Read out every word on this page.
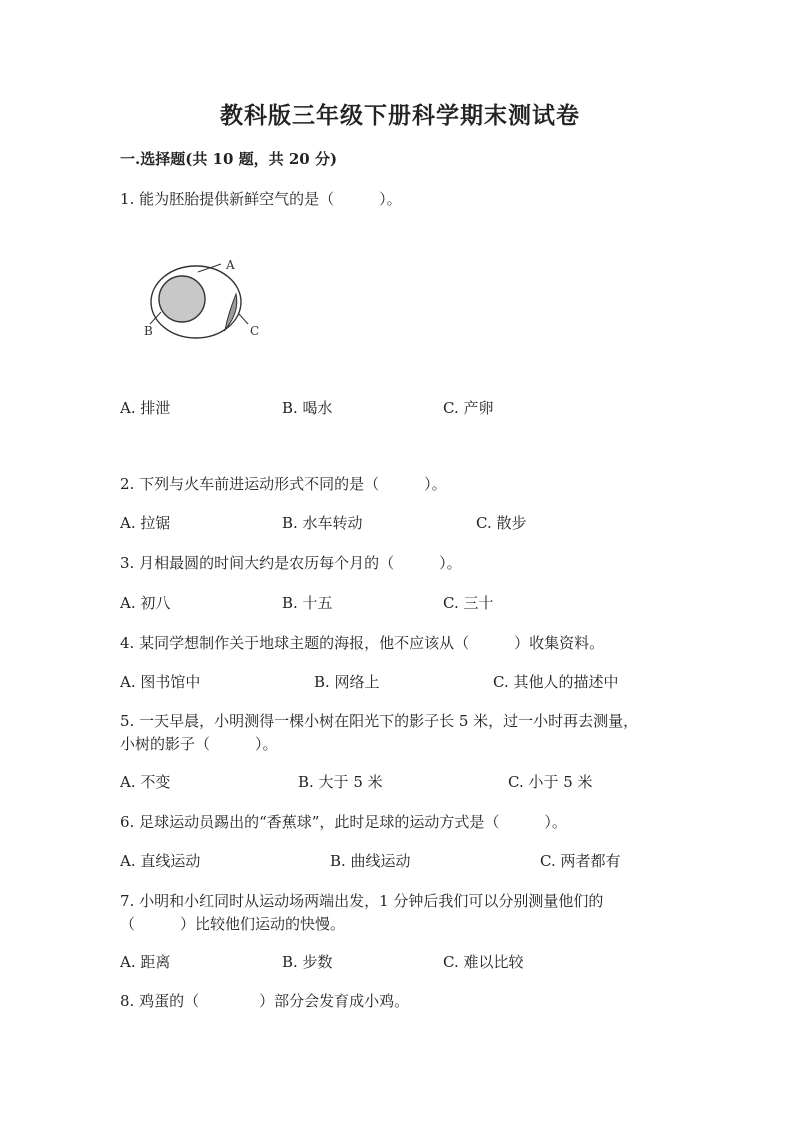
教科版三年级下册科学期末测试卷
一.选择题(共 10 题，共 20 分)
1. 能为胚胎提供新鲜空气的是（　　　）。
A
B	C
A. 排泄	B. 喝水	C. 产卵
2. 下列与火车前进运动形式不同的是（　　　）。
A. 拉锯	B. 水车转动	C. 散步
3. 月相最圆的时间大约是农历每个月的（　　　）。
A. 初八	B. 十五	C. 三十
4. 某同学想制作关于地球主题的海报，他不应该从（　　　）收集资料。
A. 图书馆中	B. 网络上	C. 其他人的描述中
5. 一天早晨，小明测得一棵小树在阳光下的影子长 5 米，过一小时再去测量，
小树的影子（　　　）。
A. 不变	B. 大于 5 米	C. 小于 5 米
6. 足球运动员踢出的“香蕉球”，此时足球的运动方式是（　　　）。
A. 直线运动	B. 曲线运动	C. 两者都有
7. 小明和小红同时从运动场两端出发，1 分钟后我们可以分别测量他们的
（　　　）比较他们运动的快慢。
A. 距离	B. 步数	C. 难以比较
8. 鸡蛋的（　　　　）部分会发育成小鸡。
